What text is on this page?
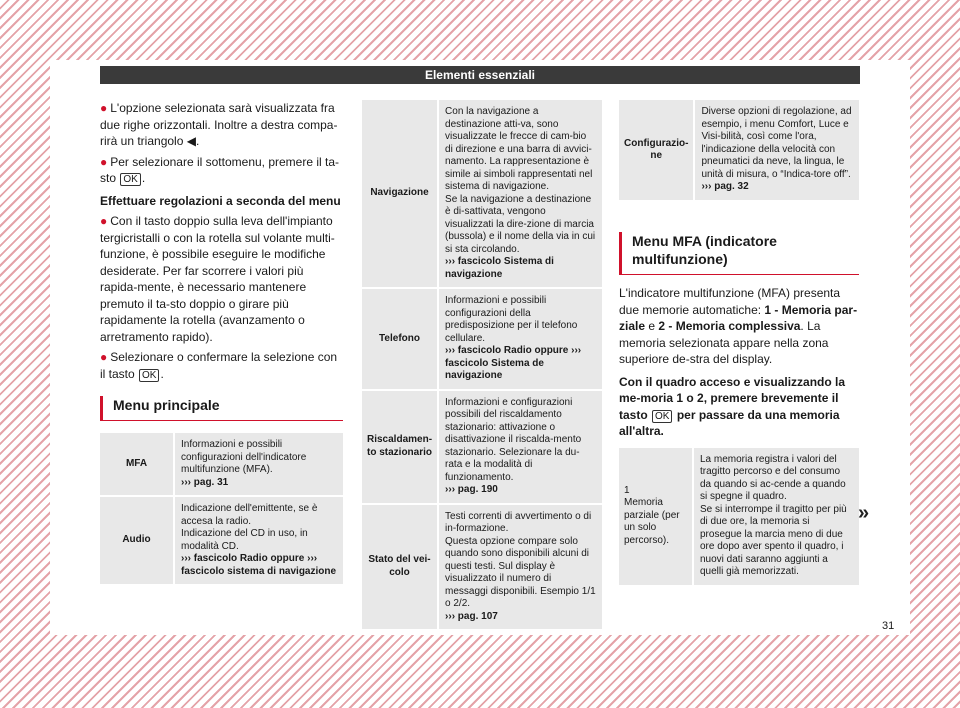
Elementi essenziali

● L'opzione selezionata sarà visualizzata fra due righe orizzontali. Inoltre a destra compa-rirà un triangolo ◀.

● Per selezionare il sottomenu, premere il ta-sto OK .

Effettuare regolazioni a seconda del menu

● Con il tasto doppio sulla leva dell'impianto tergicristalli o con la rotella sul volante multi-funzione, è possibile eseguire le modifiche desiderate. Per far scorrere i valori più rapida-mente, è necessario mantenere premuto il ta-sto doppio o girare più rapidamente la rotella (avanzamento o arretramento rapido).

● Selezionare o confermare la selezione con il tasto OK .

Menu principale
MFA	Informazioni e possibili configurazioni dell'indicatore multifunzione (MFA).
››› pag. 31
Audio	Indicazione dell'emittente, se è accesa la radio.
Indicazione del CD in uso, in modalità CD.
››› fascicolo Radio oppure ››› fascicolo sistema di navigazione
Navigazione	Con la navigazione a destinazione atti-va, sono visualizzate le frecce di cam-bio di direzione e una barra di avvici-namento. La rappresentazione è simile ai simboli rappresentati nel sistema di navigazione.
Se la navigazione a destinazione è di-sattivata, vengono visualizzati la dire-zione di marcia (bussola) e il nome della via in cui si sta circolando.
››› fascicolo Sistema di navigazione
Telefono	Informazioni e possibili configurazioni della predisposizione per il telefono cellulare.
››› fascicolo Radio oppure ››› fascicolo Sistema de navigazione
Riscaldamen-to stazionario	Informazioni e configurazioni possibili del riscaldamento stazionario: attivazione o disattivazione il riscalda-mento stazionario. Selezionare la du-rata e la modalità di funzionamento.
››› pag. 190
Stato del vei-colo	Testi correnti di avvertimento o di in-formazione.
Questa opzione compare solo quando sono disponibili alcuni di questi testi. Sul display è visualizzato il numero di messaggi disponibili. Esempio 1/1 o 2/2.
››› pag. 107
Configurazio-ne	Diverse opzioni di regolazione, ad esempio, i menu Comfort, Luce e Visi-bilità, così come l'ora, l'indicazione della velocità con pneumatici da neve, la lingua, le unità di misura, o “Indica-tore off”.
››› pag. 32
Menu MFA (indicatore multifunzione)

L'indicatore multifunzione (MFA) presenta due memorie automatiche: 1 - Memoria par-ziale e 2 - Memoria complessiva. La memoria selezionata appare nella zona superiore de-stra del display.

Con il quadro acceso e visualizzando la me-moria 1 o 2, premere brevemente il tasto OK per passare da una memoria all'altra.

1
Memoria parziale (per un solo percorso).	La memoria registra i valori del tragitto percorso e del consumo da quando si ac-cende a quando si spegne il quadro.
Se si interrompe il tragitto per più di due ore, la memoria si prosegue la marcia meno di due ore dopo aver spento il quadro, i nuovi dati saranno aggiunti a quelli già memorizzati.
»
31
